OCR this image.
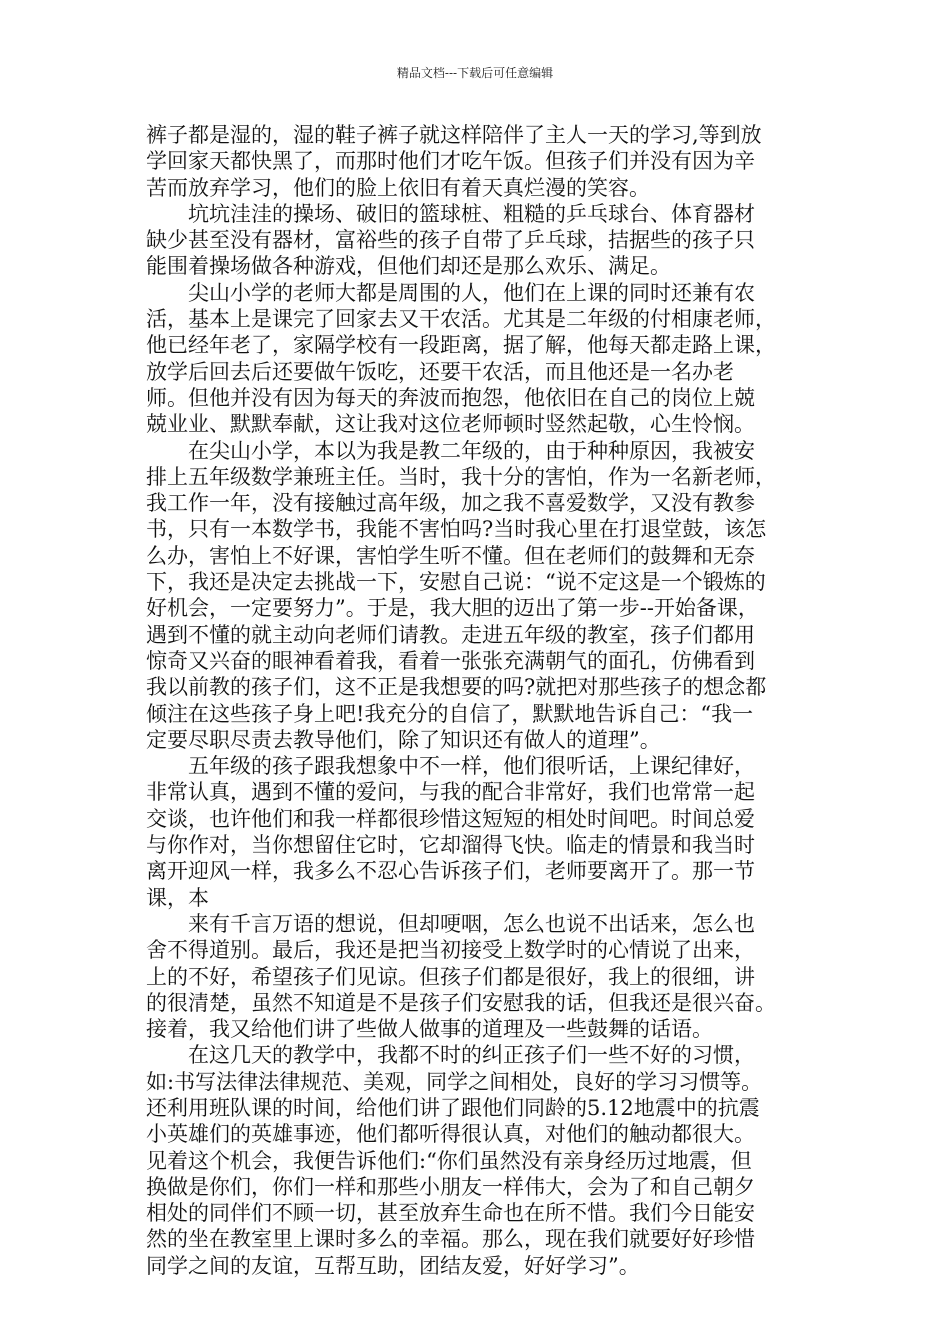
精品文档---下载后可任意编辑
裤子都是湿的，湿的鞋子裤子就这样陪伴了主人一天的学习,等到放
学回家天都快黑了，而那时他们才吃午饭。但孩子们并没有因为辛
苦而放弃学习，他们的脸上依旧有着天真烂漫的笑容。
坑坑洼洼的操场、破旧的篮球桩、粗糙的乒乓球台、体育器材
缺少甚至没有器材，富裕些的孩子自带了乒乓球，拮据些的孩子只
能围着操场做各种游戏，但他们却还是那么欢乐、满足。
尖山小学的老师大都是周围的人，他们在上课的同时还兼有农
活，基本上是课完了回家去又干农活。尤其是二年级的付相康老师，
他已经年老了，家隔学校有一段距离，据了解，他每天都走路上课，
放学后回去后还要做午饭吃，还要干农活，而且他还是一名办老
师。但他并没有因为每天的奔波而抱怨，他依旧在自己的岗位上兢
兢业业、默默奉献，这让我对这位老师顿时竖然起敬，心生怜悯。
在尖山小学，本以为我是教二年级的，由于种种原因，我被安
排上五年级数学兼班主任。当时，我十分的害怕，作为一名新老师，
我工作一年，没有接触过高年级，加之我不喜爱数学，又没有教参
书，只有一本数学书，我能不害怕吗?当时我心里在打退堂鼓，该怎
么办，害怕上不好课，害怕学生听不懂。但在老师们的鼓舞和无奈
下，我还是决定去挑战一下，安慰自己说：“说不定这是一个锻炼的
好机会，一定要努力”。于是，我大胆的迈出了第一步--开始备课，
遇到不懂的就主动向老师们请教。走进五年级的教室，孩子们都用
惊奇又兴奋的眼神看着我，看着一张张充满朝气的面孔，仿佛看到
我以前教的孩子们，这不正是我想要的吗?就把对那些孩子的想念都
倾注在这些孩子身上吧!我充分的自信了，默默地告诉自己：“我一
定要尽职尽责去教导他们，除了知识还有做人的道理”。
五年级的孩子跟我想象中不一样，他们很听话，上课纪律好，
非常认真，遇到不懂的爱问，与我的配合非常好，我们也常常一起
交谈，也许他们和我一样都很珍惜这短短的相处时间吧。时间总爱
与你作对，当你想留住它时，它却溜得飞快。临走的情景和我当时
离开迎风一样，我多么不忍心告诉孩子们，老师要离开了。那一节
课，本
来有千言万语的想说，但却哽咽，怎么也说不出话来，怎么也
舍不得道别。最后，我还是把当初接受上数学时的心情说了出来，
上的不好，希望孩子们见谅。但孩子们都是很好，我上的很细，讲
的很清楚，虽然不知道是不是孩子们安慰我的话，但我还是很兴奋。
接着，我又给他们讲了些做人做事的道理及一些鼓舞的话语。
在这几天的教学中，我都不时的纠正孩子们一些不好的习惯，
如:书写法律法律规范、美观，同学之间相处，良好的学习习惯等。
还利用班队课的时间，给他们讲了跟他们同龄的5.12地震中的抗震
小英雄们的英雄事迹，他们都听得很认真，对他们的触动都很大。
见着这个机会，我便告诉他们:“你们虽然没有亲身经历过地震，但
换做是你们，你们一样和那些小朋友一样伟大，会为了和自己朝夕
相处的同伴们不顾一切，甚至放弃生命也在所不惜。我们今日能安
然的坐在教室里上课时多么的幸福。那么，现在我们就要好好珍惜
同学之间的友谊，互帮互助，团结友爱，好好学习”。
